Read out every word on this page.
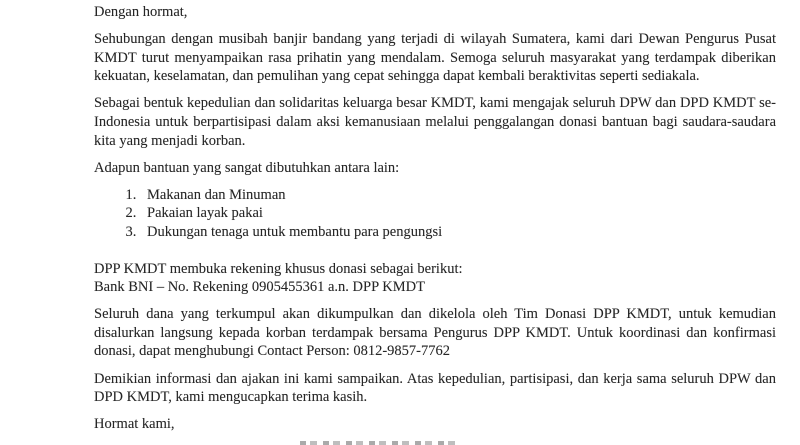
Dengan hormat,

Sehubungan dengan musibah banjir bandang yang terjadi di wilayah Sumatera, kami dari Dewan Pengurus Pusat KMDT turut menyampaikan rasa prihatin yang mendalam. Semoga seluruh masyarakat yang terdampak diberikan kekuatan, keselamatan, dan pemulihan yang cepat sehingga dapat kembali beraktivitas seperti sediakala.

Sebagai bentuk kepedulian dan solidaritas keluarga besar KMDT, kami mengajak seluruh DPW dan DPD KMDT se-Indonesia untuk berpartisipasi dalam aksi kemanusiaan melalui penggalangan donasi bantuan bagi saudara-saudara kita yang menjadi korban.

Adapun bantuan yang sangat dibutuhkan antara lain:

1. Makanan dan Minuman
2. Pakaian layak pakai
3. Dukungan tenaga untuk membantu para pengungsi

DPP KMDT membuka rekening khusus donasi sebagai berikut:

Bank BNI – No. Rekening 0905455361 a.n. DPP KMDT

Seluruh dana yang terkumpul akan dikumpulkan dan dikelola oleh Tim Donasi DPP KMDT, untuk kemudian disalurkan langsung kepada korban terdampak bersama Pengurus DPP KMDT. Untuk koordinasi dan konfirmasi donasi, dapat menghubungi Contact Person: 0812-9857-7762

Demikian informasi dan ajakan ini kami sampaikan. Atas kepedulian, partisipasi, dan kerja sama seluruh DPW dan DPD KMDT, kami mengucapkan terima kasih.

Hormat kami,
